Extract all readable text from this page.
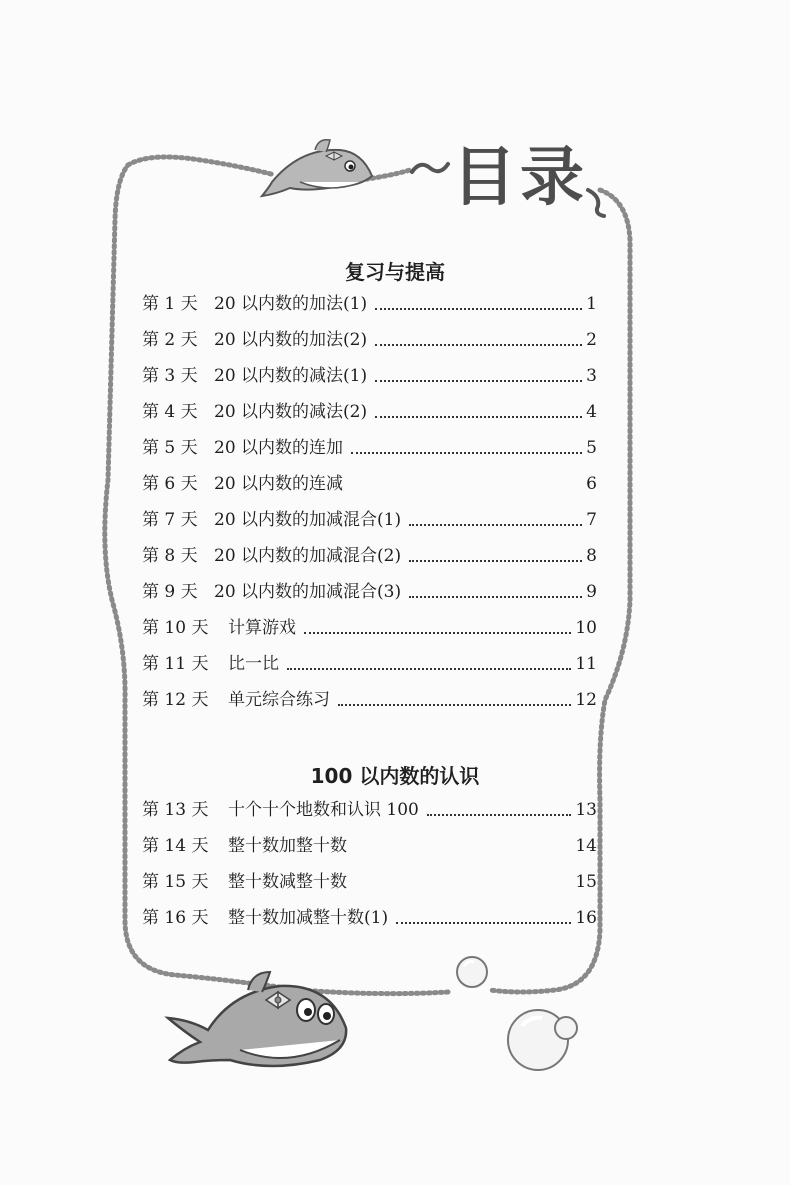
目录
复习与提高
第 1 天 20 以内数的加法(1)	1
第 2 天 20 以内数的加法(2)	2
第 3 天 20 以内数的减法(1)	3
第 4 天 20 以内数的减法(2)	4
第 5 天 20 以内数的连加	5
第 6 天 20 以内数的连减	6
第 7 天 20 以内数的加减混合(1)	7
第 8 天 20 以内数的加减混合(2)	8
第 9 天 20 以内数的加减混合(3)	9
第 10 天	计算游戏	10
第 11 天	比一比	11
第 12 天	单元综合练习	12
100 以内数的认识
第 13 天	十个十个地数和认识 100	13
第 14 天	整十数加整十数	14
第 15 天	整十数减整十数	15
第 16 天	整十数加减整十数(1)	16
